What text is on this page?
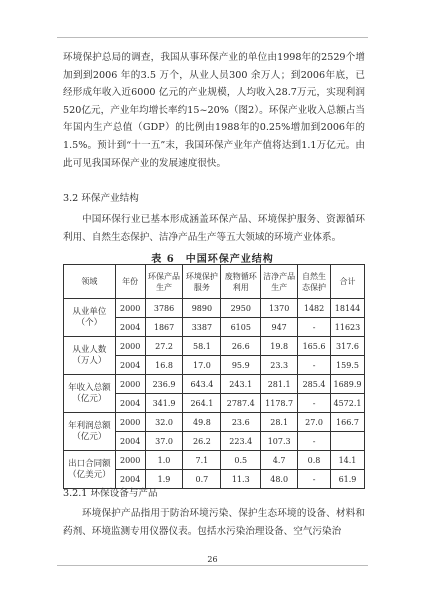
环境保护总局的调查，我国从事环保产业的单位由1998年的2529个增加到到2006 年的3.5 万个，从业人员300 余万人；到2006年底，已经形成年收入近6000 亿元的产业规模，人均收入28.7万元，实现利润520亿元，产业年均增长率约15~20%（图2）。环保产业收入总额占当年国内生产总值（GDP）的比例由1988年的0.25%增加到2006年的1.5%。预计到“十一五”末，我国环保产业年产值将达到1.1万亿元。由此可见我国环保产业的发展速度很快。

3.2 环保产业结构

中国环保行业已基本形成涵盖环保产品、环境保护服务、资源循环利用、自然生态保护、洁净产品生产等五大领域的环境产业体系。

表 6　中国环保产业结构
领域	年份	环保产品生产	环境保护服务	废物循环利用	洁净产品生产	自然生态保护	合计
从业单位（个）	2000	3786	9890	2950	1370	1482	18144
	2004	1867	3387	6105	947	-	11623
从业人数（万人）	2000	27.2	58.1	26.6	19.8	165.6	317.6
	2004	16.8	17.0	95.9	23.3	-	159.5
年收入总额（亿元）	2000	236.9	643.4	243.1	281.1	285.4	1689.9
	2004	341.9	264.1	2787.4	1178.7	-	4572.1
年利润总额（亿元）	2000	32.0	49.8	23.6	28.1	27.0	166.7
	2004	37.0	26.2	223.4	107.3	-	
出口合同额（亿美元）	2000	1.0	7.1	0.5	4.7	0.8	14.1
	2004	1.9	0.7	11.3	48.0	-	61.9
3.2.1 环保设备与产品

环境保护产品指用于防治环境污染、保护生态环境的设备、材料和药剂、环境监测专用仪器仪表。包括水污染治理设备、空气污染治

26
